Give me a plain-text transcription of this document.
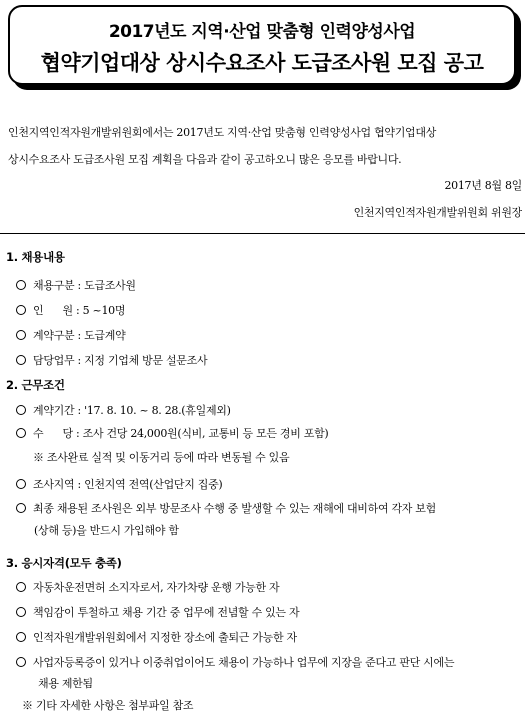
2017년도 지역·산업 맞춤형 인력양성사업
협약기업대상 상시수요조사 도급조사원 모집 공고
인천지역인적자원개발위원회에서는 2017년도 지역·산업 맞춤형 인력양성사업 협약기업대상
상시수요조사 도급조사원 모집 계획을 다음과 같이 공고하오니 많은 응모를 바랍니다.
2017년 8월 8일
인천지역인적자원개발위원회 위원장
1. 채용내용
채용구분 : 도급조사원
인      원 : 5 ~10명
계약구분 : 도급계약
담당업무 : 지정 기업체 방문 설문조사
2. 근무조건
계약기간 : '17. 8. 10. ~ 8. 28.(휴일제외)
수      당 : 조사 건당 24,000원(식비, 교통비 등 모든 경비 포함)
※ 조사완료 실적 및 이동거리 등에 따라 변동될 수 있음
조사지역 : 인천지역 전역(산업단지 집중)
최종 채용된 조사원은 외부 방문조사 수행 중 발생할 수 있는 재해에 대비하여 각자 보험
(상해 등)을 반드시 가입해야 함
3. 응시자격(모두 충족)
자동차운전면허 소지자로서, 자가차량 운행 가능한 자
책임감이 투철하고 채용 기간 중 업무에 전념할 수 있는 자
인적자원개발위원회에서 지정한 장소에 출퇴근 가능한 자
사업자등록증이 있거나 이중취업이어도 채용이 가능하나 업무에 지장을 준다고 판단 시에는
채용 제한됨
※ 기타 자세한 사항은 첨부파일 참조
